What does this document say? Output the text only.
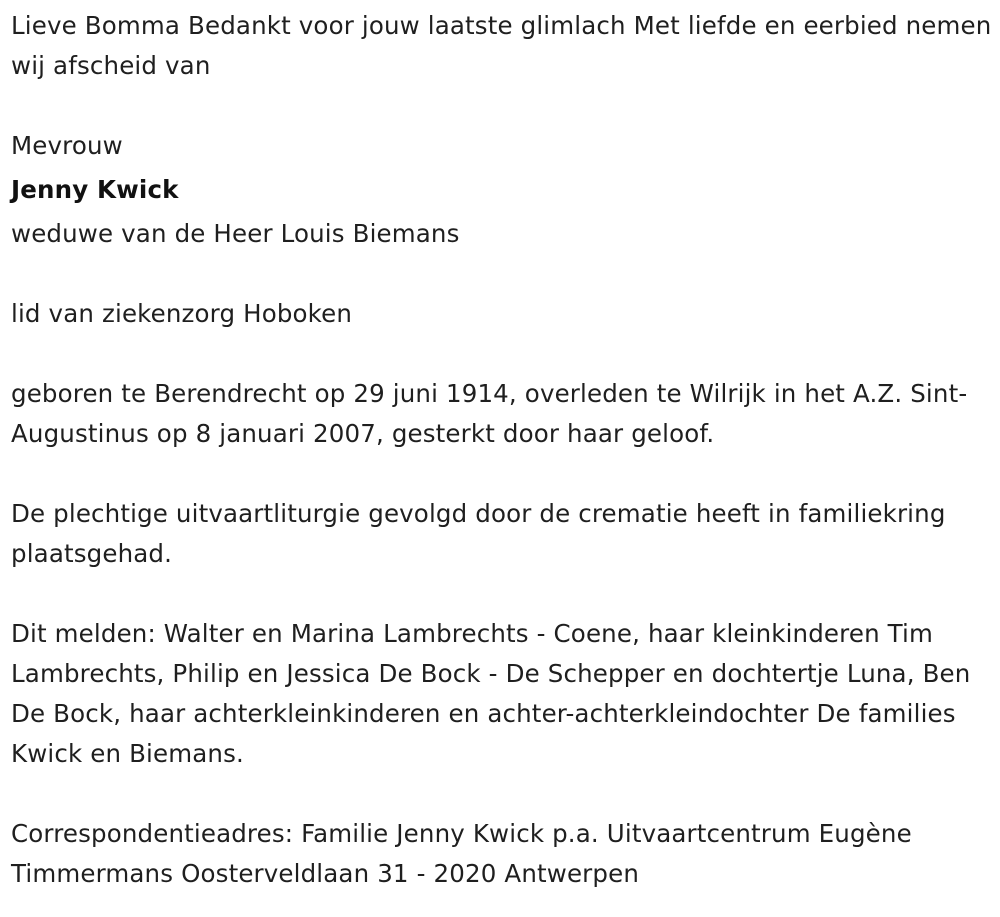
Lieve Bomma Bedankt voor jouw laatste glimlach Met liefde en eerbied nemen wij afscheid van

Mevrouw

Jenny Kwick

weduwe van de Heer Louis Biemans

lid van ziekenzorg Hoboken

geboren te Berendrecht op 29 juni 1914, overleden te Wilrijk in het A.Z. Sint-Augustinus op 8 januari 2007, gesterkt door haar geloof.

De plechtige uitvaartliturgie gevolgd door de crematie heeft in familiekring plaatsgehad.

Dit melden: Walter en Marina Lambrechts - Coene, haar kleinkinderen Tim Lambrechts, Philip en Jessica De Bock - De Schepper en dochtertje Luna, Ben De Bock, haar achterkleinkinderen en achter-achterkleindochter De families Kwick en Biemans.

Correspondentieadres: Familie Jenny Kwick p.a. Uitvaartcentrum Eugène Timmermans Oosterveldlaan 31 - 2020 Antwerpen
